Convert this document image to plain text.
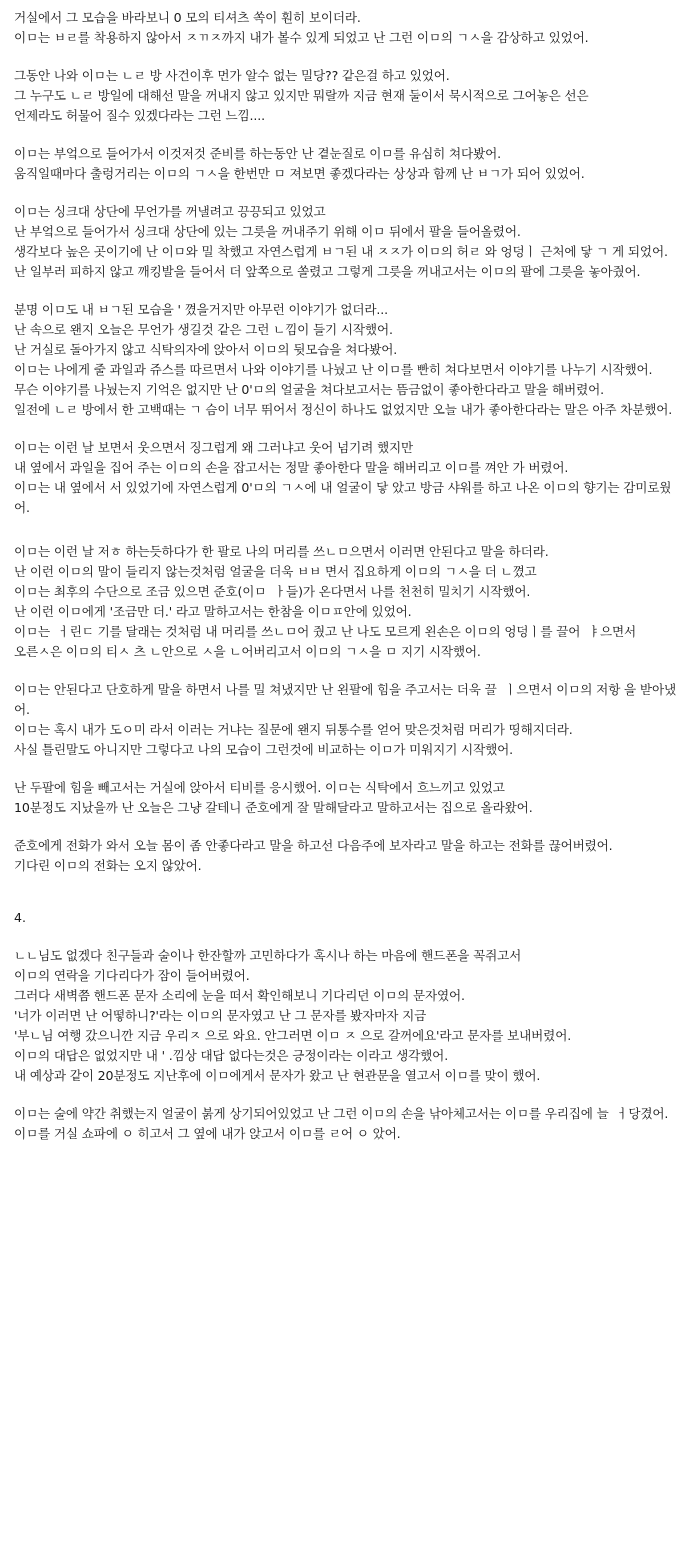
거실에서 그 모습을 바라보니 0 모의 티셔츠 쏙이 훤히 보이더라.
이ㅁ는 ㅂㄹ를 착용하지 않아서 ㅈㄲㅈ까지 내가 볼수 있게 되었고 난 그런 이ㅁ의 ㄱㅅ을 감상하고 있었어.
그동안 나와 이ㅁ는 ㄴㄹ 방 사건이후 먼가 알수 없는 밀당?? 같은걸 하고 있었어.
그 누구도 ㄴㄹ 방일에 대해선 말을 꺼내지 않고 있지만 뭐랄까 지금 현재 둘이서 묵시적으로 그어놓은 선은
언제라도 허물어 질수 있겠다라는 그런 느낌....
이ㅁ는 부엌으로 들어가서 이것저것 준비를 하는동안 난 곁눈질로 이ㅁ를 유심히 쳐다봤어.
움직일때마다 출렁거리는 이ㅁ의 ㄱㅅ을 한번만 ㅁ 져보면 좋겠다라는 상상과 함께 난 ㅂㄱ가 되어 있었어.
이ㅁ는 싱크대 상단에 무언가를 꺼낼려고 끙끙되고 있었고
난 부엌으로 들어가서 싱크대 상단에 있는 그릇을 꺼내주기 위해 이ㅁ 뒤에서 팔을 들어올렸어.
생각보다 높은 곳이기에 난 이ㅁ와 밀 착했고 자연스럽게 ㅂㄱ된 내 ㅈㅈ가 이ㅁ의 허ㄹ 와 엉덩ㅣ 근처에 닿 ㄱ 게 되었어.
난 일부러 피하지 않고 깨킹발을 들어서 더 앞쪽으로 쏠렸고 그렇게 그릇을 꺼내고서는 이ㅁ의 팔에 그릇을 놓아줬어.
분명 이ㅁ도 내 ㅂㄱ된 모습을 ' 꼈을거지만 아무런 이야기가 없더라...
난 속으로 왠지 오늘은 무언가 생길것 같은 그런 ㄴ낌이 들기 시작했어.
난 거실로 돌아가지 않고 식탁의자에 앉아서 이ㅁ의 뒷모습을 쳐다봤어.
이ㅁ는 나에게 줄 과일과 쥬스를 따르면서 나와 이야기를 나눴고 난 이ㅁ를 빤히 쳐다보면서 이야기를 나누기 시작했어.
무슨 이야기를 나눴는지 기억은 없지만 난 0'ㅁ의 얼굴을 쳐다보고서는 뜸금없이 좋아한다라고 말을 해버렸어.
일전에 ㄴㄹ 방에서 한 고백때는 ㄱ 슴이 너무 뛰어서 정신이 하나도 없었지만 오늘 내가 좋아한다라는 말은 아주 차분했어.
이ㅁ는 이런 날 보면서 웃으면서 징그럽게 왜 그러냐고 웃어 넘기려 했지만
내 옆에서 과일을 집어 주는 이ㅁ의 손을 잡고서는 정말 좋아한다 말을 해버리고 이ㅁ를 껴안 가 버렸어.
이ㅁ는 내 옆에서 서 있었기에 자연스럽게 0'ㅁ의 ㄱㅅ에 내 얼굴이 닿 았고 방금 샤워를 하고 나온 이ㅁ의 향기는 감미로웠어.
이ㅁ는 이런 날 저ㅎ 하는듯하다가 한 팔로 나의 머리를 쓰ㄴㅁ으면서 이러면 안된다고 말을 하더라.
난 이런 이ㅁ의 말이 들리지 않는것처럼 얼굴을 더욱 ㅂㅂ 면서 집요하게 이ㅁ의 ㄱㅅ을 더 ㄴ꼈고
이ㅁ는 최후의 수단으로 조금 있으면 준호(이ㅁ  ㅏ들)가 온다면서 나를 천천히 밀치기 시작했어.
난 이런 이ㅁ에게 '조금만 더.' 라고 말하고서는 한참을 이ㅁㅍ안에 있었어.
이ㅁ는  ㅓ린ㄷ 기를 달래는 것처럼 내 머리를 쓰ㄴㅁ어 줬고 난 나도 모르게 왼손은 이ㅁ의 엉덩ㅣ를 끌어  ㅑ으면서
오른ㅅ은 이ㅁ의 티ㅅ 츠 ㄴ안으로 ㅅ을 ㄴ어버리고서 이ㅁ의 ㄱㅅ을 ㅁ 지기 시작했어.
이ㅁ는 안된다고 단호하게 말을 하면서 나를 밀 쳐냈지만 난 왼팔에 힘을 주고서는 더욱 끌  ㅣ으면서 이ㅁ의 저항 을 받아냈어.
이ㅁ는 혹시 내가 도ㅇ미 라서 이러는 거냐는 질문에 왠지 뒤통수를 얻어 맞은것처럼 머리가 띵해지더라.
사실 틀린말도 아니지만 그렇다고 나의 모습이 그런것에 비교하는 이ㅁ가 미워지기 시작했어.
난 두팔에 힘을 빼고서는 거실에 앉아서 티비를 응시했어. 이ㅁ는 식탁에서 흐느끼고 있었고
10분정도 지났을까 난 오늘은 그냥 갈테니 준호에게 잘 말해달라고 말하고서는 집으로 올라왔어.
준호에게 전화가 와서 오늘 몸이 좀 안좋다라고 말을 하고선 다음주에 보자라고 말을 하고는 전화를 끊어버렸어.
기다린 이ㅁ의 전화는 오지 않았어.
4.
ㄴㄴ님도 없겠다 친구들과 술이나 한잔할까 고민하다가 혹시나 하는 마음에 핸드폰을 꼭쥐고서
이ㅁ의 연락을 기다리다가 잠이 들어버렸어.
그러다 새벽쯤 핸드폰 문자 소리에 눈을 떠서 확인해보니 기다리던 이ㅁ의 문자였어.
'너가 이러면 난 어떻하니?'라는 이ㅁ의 문자였고 난 그 문자를 봤자마자 지금
'부ㄴ님 여행 갔으니깐 지금 우리ㅈ 으로 와요. 안그러면 이ㅁ ㅈ 으로 갈꺼에요'라고 문자를 보내버렸어.
이ㅁ의 대답은 없었지만 내 ' .낌상 대답 없다는것은 긍정이라는 이라고 생각했어.
내 예상과 같이 20분정도 지난후에 이ㅁ에게서 문자가 왔고 난 현관문을 열고서 이ㅁ를 맞이 했어.
이ㅁ는 술에 약간 취했는지 얼굴이 붉게 상기되어있었고 난 그런 이ㅁ의 손을 낚아체고서는 이ㅁ를 우리집에 늘  ㅓ당겼어.
이ㅁ를 거실 쇼파에 ㅇ 히고서 그 옆에 내가 앉고서 이ㅁ를 ㄹ어 ㅇ 았어.
